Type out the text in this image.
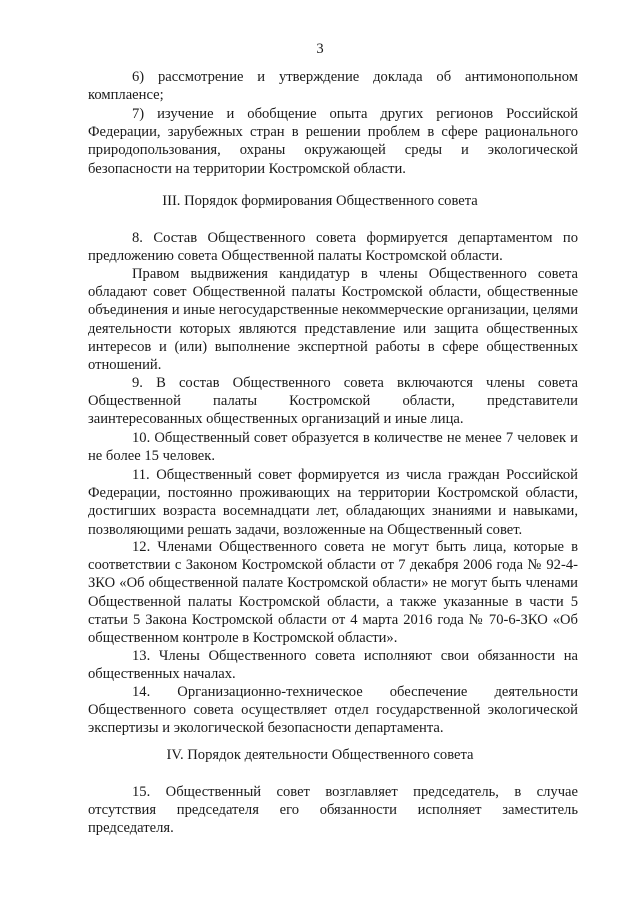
3
6) рассмотрение и утверждение доклада об антимонопольном комплаенсе;
7) изучение и обобщение опыта других регионов Российской Федерации, зарубежных стран в решении проблем в сфере рационального природопользования, охраны окружающей среды и экологической безопасности на территории Костромской области.
III. Порядок формирования Общественного совета
8. Состав Общественного совета формируется департаментом по предложению совета Общественной палаты Костромской области.
Правом выдвижения кандидатур в члены Общественного совета обладают совет Общественной палаты Костромской области, общественные объединения и иные негосударственные некоммерческие организации, целями деятельности которых являются представление или защита общественных интересов и (или) выполнение экспертной работы в сфере общественных отношений.
9. В состав Общественного совета включаются члены совета Общественной палаты Костромской области, представители заинтересованных общественных организаций и иные лица.
10. Общественный совет образуется в количестве не менее 7 человек и не более 15 человек.
11. Общественный совет формируется из числа граждан Российской Федерации, постоянно проживающих на территории Костромской области, достигших возраста восемнадцати лет, обладающих знаниями и навыками, позволяющими решать задачи, возложенные на Общественный совет.
12. Членами Общественного совета не могут быть лица, которые в соответствии с Законом Костромской области от 7 декабря 2006 года № 92-4-ЗКО «Об общественной палате Костромской области» не могут быть членами Общественной палаты Костромской области, а также указанные в части 5 статьи 5 Закона Костромской области от 4 марта 2016 года № 70-6-ЗКО «Об общественном контроле в Костромской области».
13. Члены Общественного совета исполняют свои обязанности на общественных началах.
14. Организационно-техническое обеспечение деятельности Общественного совета осуществляет отдел государственной экологической экспертизы и экологической безопасности департамента.
IV. Порядок деятельности Общественного совета
15. Общественный совет возглавляет председатель, в случае отсутствия председателя его обязанности исполняет заместитель председателя.
